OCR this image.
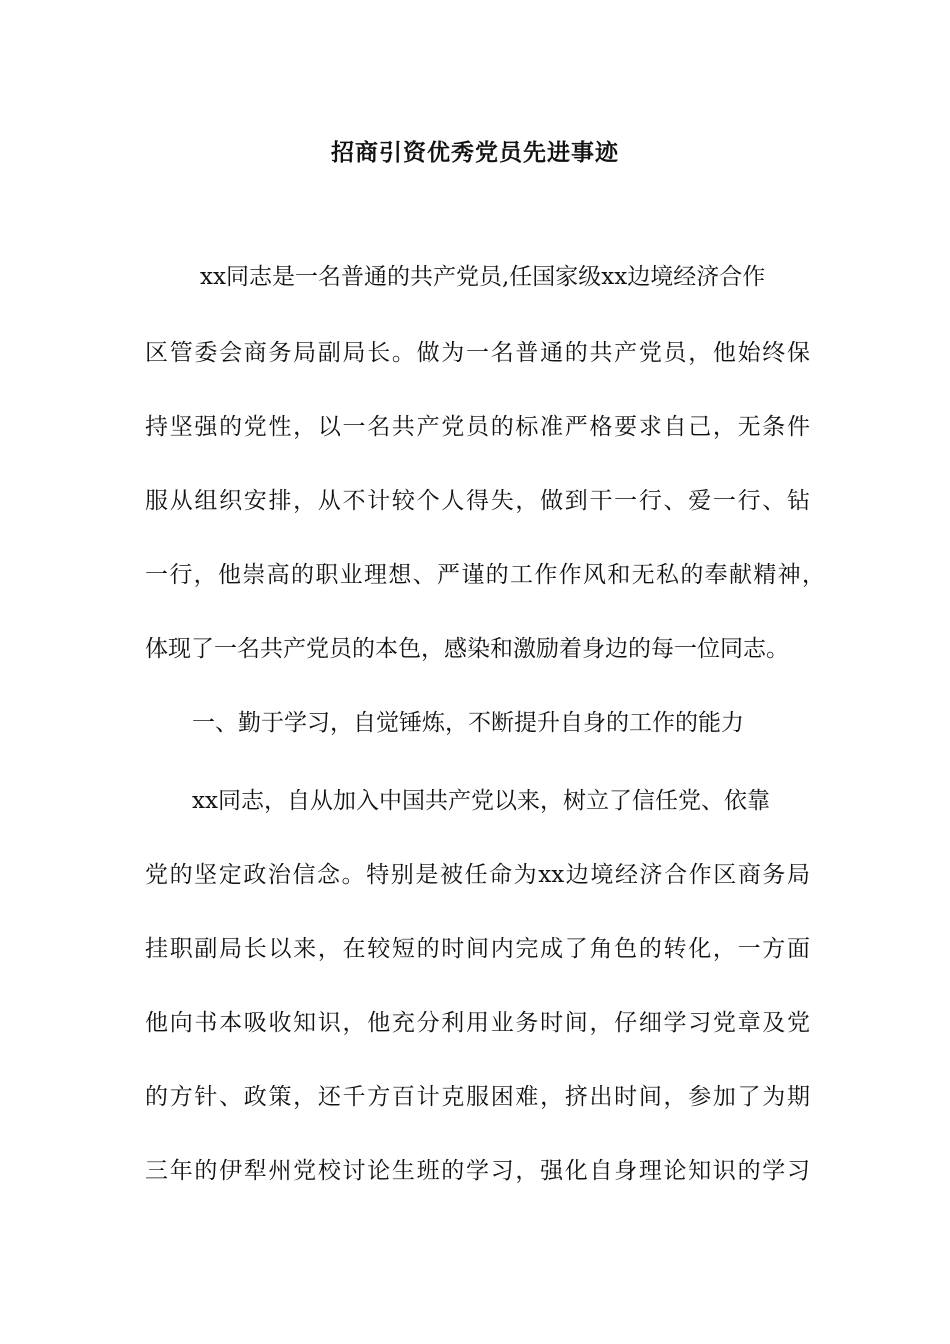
招商引资优秀党员先进事迹
xx同志是一名普通的共产党员,任国家级xx边境经济合作
区管委会商务局副局长。做为一名普通的共产党员，他始终保
持坚强的党性，以一名共产党员的标准严格要求自己，无条件
服从组织安排，从不计较个人得失，做到干一行、爱一行、钻
一行，他崇高的职业理想、严谨的工作作风和无私的奉献精神，
体现了一名共产党员的本色，感染和激励着身边的每一位同志。
一、勤于学习，自觉锤炼，不断提升自身的工作的能力
xx同志，自从加入中国共产党以来，树立了信任党、依靠
党的坚定政治信念。特别是被任命为xx边境经济合作区商务局
挂职副局长以来，在较短的时间内完成了角色的转化，一方面
他向书本吸收知识，他充分利用业务时间，仔细学习党章及党
的方针、政策，还千方百计克服困难，挤出时间，参加了为期
三年的伊犁州党校讨论生班的学习，强化自身理论知识的学习
